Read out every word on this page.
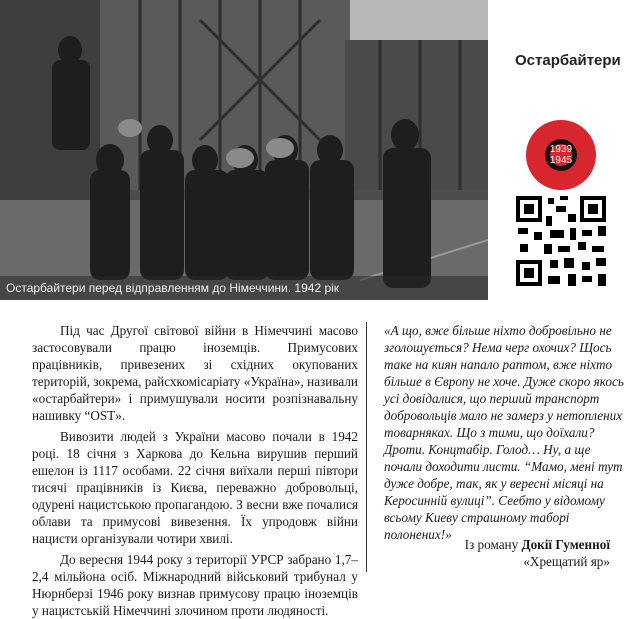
Остарбайтери перед відправленням до Німеччини. 1942 рік
Остарбайтери
1939
1945

Під час Другої світової війни в Німеччині масово застосовували працю іноземців. Примусових працівників, привезених зі східних окупованих територій, зокрема, райсхкомісаріату «Україна», називали «остарбайтери» і примушували носити розпізнавальну нашивку “OST».

Вивозити людей з України масово почали в 1942 році. 18 січня з Харкова до Кельна вирушив перший ешелон із 1117 особами. 22 січня виїхали перші півтори тисячі працівників із Києва, переважно добровольці, одурені нацистською пропагандою. З весни вже почалися облави та примусові вивезення. Їх упродовж війни нацисти організували чотири хвилі.

До вересня 1944 року з території УРСР забрано 1,7–2,4 мільйона осіб. Міжнародний військовий трибунал у Нюрнберзі 1946 року визнав примусову працю іноземців у нацистській Німеччині злочином проти людяності.

«А що, вже більше ніхто добровільно не зголошується? Нема черг охочих? Щось таке на киян напало раптом, вже ніхто більше в Європу не хоче. Дуже скоро якось усі довідалися, що перший транспорт добровольців мало не замерз у нетоплених товарняках. Що з тими, що доїхали? Дроти. Концтабір. Голод… Ну, а ще почали доходити листи. “Мамо, мені тут дуже добре, так, як у вересні місяці на Керосинній вулиці”. Сеебто у відомому всьому Киеву страшному таборі полонених!»

Із роману Докії Гуменної
«Хрещатий яр»
